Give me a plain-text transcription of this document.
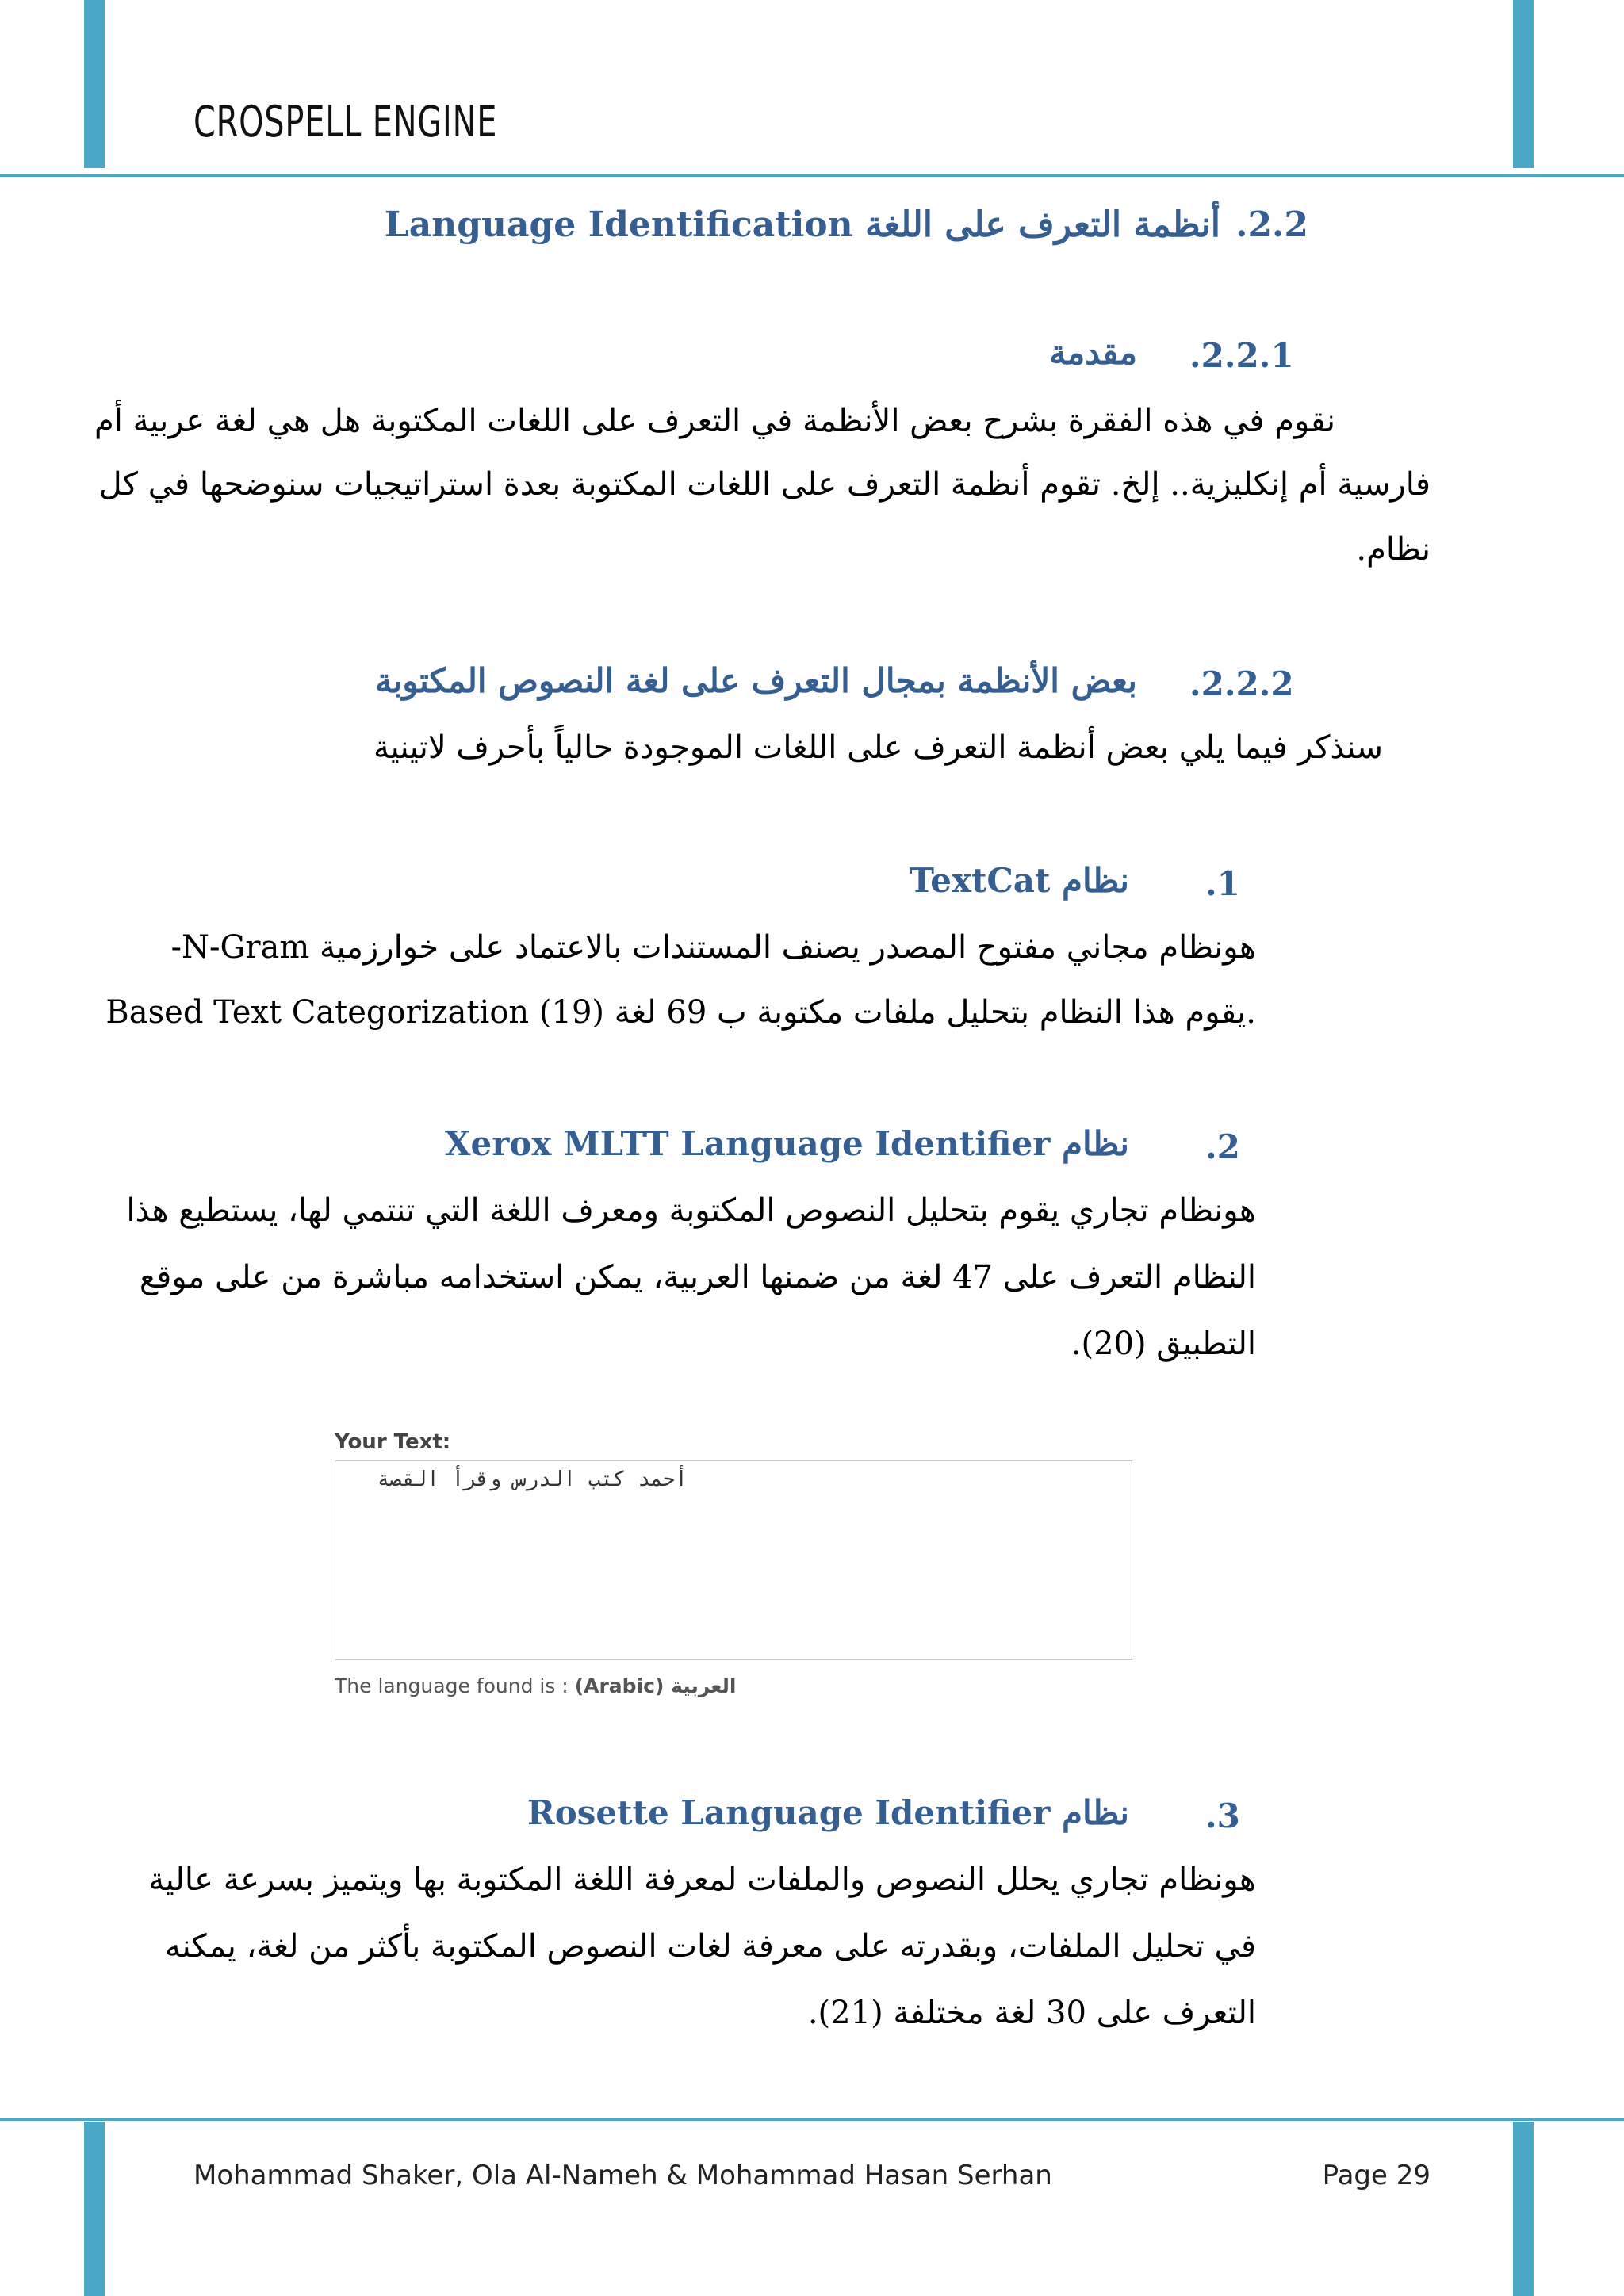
CROSPELL ENGINE
أنظمة التعرف على اللغة Language Identification .2.2
.2.2.1
مقدمة
نقوم في هذه الفقرة بشرح بعض الأنظمة في التعرف على اللغات المكتوبة هل هي لغة عربية أم
فارسية أم إنكليزية.. إلخ. تقوم أنظمة التعرف على اللغات المكتوبة بعدة استراتيجيات سنوضحها في كل
نظام.
.2.2.2
بعض الأنظمة بمجال التعرف على لغة النصوص المكتوبة
سنذكر فيما يلي بعض أنظمة التعرف على اللغات الموجودة حالياً بأحرف لاتينية
.1
نظام TextCat
هونظام مجاني مفتوح المصدر يصنف المستندات بالاعتماد على خوارزمية N-Gram-
Based Text Categorization يقوم هذا النظام بتحليل ملفات مكتوبة ب 69 لغة (19).
.2
نظام Xerox MLTT Language Identifier
هونظام تجاري يقوم بتحليل النصوص المكتوبة ومعرف اللغة التي تنتمي لها، يستطيع هذا
النظام التعرف على 47 لغة من ضمنها العربية، يمكن استخدامه مباشرة من على موقع
التطبيق (20).
Your Text:
أحمد كتب الدرس وقرأ القصة
The language found is : العربية (Arabic)
.3
نظام Rosette Language Identifier
هونظام تجاري يحلل النصوص والملفات لمعرفة اللغة المكتوبة بها ويتميز بسرعة عالية
في تحليل الملفات، وبقدرته على معرفة لغات النصوص المكتوبة بأكثر من لغة، يمكنه
التعرف على 30 لغة مختلفة (21).
Mohammad Shaker, Ola Al-Nameh & Mohammad Hasan Serhan	Page 29
